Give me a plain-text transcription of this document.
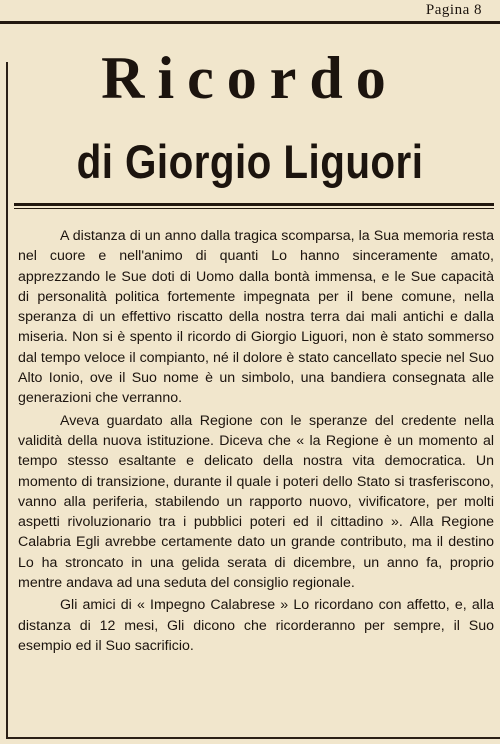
Pagina 8
Ricordo
di Giorgio Liguori

A distanza di un anno dalla tragica scomparsa, la Sua memoria resta nel cuore e nell'animo di quanti Lo hanno sinceramente amato, apprezzando le Sue doti di Uomo dalla bontà immensa, e le Sue capacità di personalità politica fortemente impegnata per il bene comune, nella speranza di un effettivo riscatto della nostra terra dai mali antichi e dalla miseria. Non si è spento il ricordo di Giorgio Liguori, non è stato sommerso dal tempo veloce il compianto, né il dolore è stato cancellato specie nel Suo Alto Ionio, ove il Suo nome è un simbolo, una bandiera consegnata alle generazioni che verranno.

Aveva guardato alla Regione con le speranze del credente nella validità della nuova istituzione. Diceva che « la Regione è un momento al tempo stesso esaltante e delicato della nostra vita democratica. Un momento di transizione, durante il quale i poteri dello Stato si trasferiscono, vanno alla periferia, stabilendo un rapporto nuovo, vivificatore, per molti aspetti rivoluzionario tra i pubblici poteri ed il cittadino ». Alla Regione Calabria Egli avrebbe certamente dato un grande contributo, ma il destino Lo ha stroncato in una gelida serata di dicembre, un anno fa, proprio mentre andava ad una seduta del consiglio regionale.

Gli amici di « Impegno Calabrese » Lo ricordano con affetto, e, alla distanza di 12 mesi, Gli dicono che ricorderanno per sempre, il Suo esempio ed il Suo sacrificio.
